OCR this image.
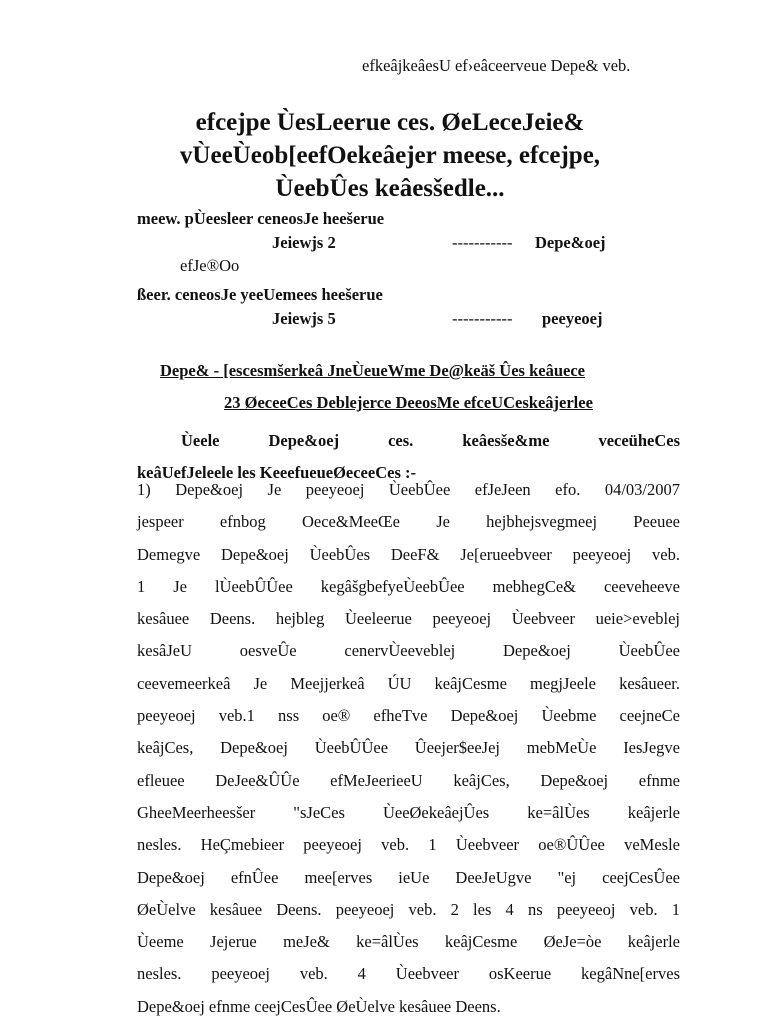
efkeâjkeâesU ef›eâceerveue Depe& veb.
efcejpe ÙesLeerue ces. ØeLeceJeie&
vÙeeÙeob[eefOekeâejer meese, efcejpe,
ÙeebÛes keâesšedle...
meew. pÙeesleer ceneosJe heešerue
Jeiewjs 2	----------- Depe&oej
efJe®Oo
ßeer. ceneosJe yeeUemees heešerue
Jeiewjs 5	----------- peeyeoej
Depe& - [escesmšerkeâ JneÙeueWme De@keäš Ûes keâuece
23 ØeceeCes Deblejerce DeeosMe efceUCeskeâjerlee
Ùeele Depe&oej ces. keâesše&me veceüheCes
keâUefJeleele les KeeefueueØeceeCes :-
1) Depe&oej Je peeyeoej ÙeebÛee efJeJeen efo. 04/03/2007
jespeer efnbog Oece&MeeŒe Je hejbhejsvegmeej Peeuee
Demegve Depe&oej ÙeebÛes DeeF& Je[erueebveer peeyeoej veb.
1 Je lÙeebÛÛee kegâšgbefyeÙeebÛee mebhegCe& ceeveheeve
kesâuee Deens. hejbleg Ùeeleerue peeyeoej Ùeebveer ueie>eveblej
kesâJeU oesveÛe cenervÙeeveblej Depe&oej ÙeebÛee
ceevemeerkeâ Je Meejjerkeâ ÚU keâjCesme megjJeele kesâueer.
peeyeoej veb.1 nss oe® efheTve Depe&oej Ùeebme ceejneCe
keâjCes, Depe&oej ÙeebÛÛee Ûeejer$eeJej mebMeÙe IesJegve
efleuee DeJee&ÛÛe efMeJeerieeU keâjCes, Depe&oej efnme
GheeMeerheesšer "sJeCes ÙeeØekeâejÛes ke=âlÙes keâjerle
nesles. HeÇmebieer peeyeoej veb. 1 Ùeebveer oe®ÛÛee veMesle
Depe&oej efnÛee mee[erves ieUe DeeJeUgve "ej ceejCesÛee
ØeÙelve kesâuee Deens. peeyeoej veb. 2 les 4 ns peeyeeoj veb. 1
Ùeeme Jejerue meJe& ke=âlÙes keâjCesme ØeJe=òe keâjerle
nesles. peeyeoej veb. 4 Ùeebveer osKeerue kegâNne[erves
Depe&oej efnme ceejCesÛee ØeÙelve kesâuee Deens.
